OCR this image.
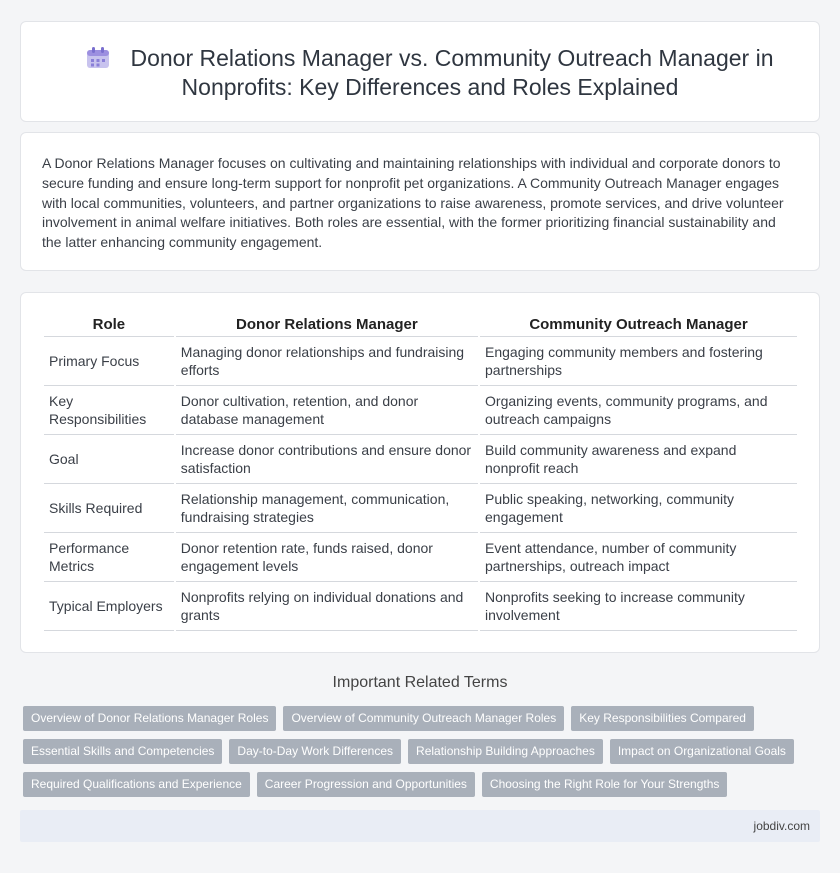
Donor Relations Manager vs. Community Outreach Manager in Nonprofits: Key Differences and Roles Explained

A Donor Relations Manager focuses on cultivating and maintaining relationships with individual and corporate donors to secure funding and ensure long-term support for nonprofit pet organizations. A Community Outreach Manager engages with local communities, volunteers, and partner organizations to raise awareness, promote services, and drive volunteer involvement in animal welfare initiatives. Both roles are essential, with the former prioritizing financial sustainability and the latter enhancing community engagement.

Role	Donor Relations Manager	Community Outreach Manager
Primary Focus	Managing donor relationships and fundraising efforts	Engaging community members and fostering partnerships
Key Responsibilities	Donor cultivation, retention, and donor database management	Organizing events, community programs, and outreach campaigns
Goal	Increase donor contributions and ensure donor satisfaction	Build community awareness and expand nonprofit reach
Skills Required	Relationship management, communication, fundraising strategies	Public speaking, networking, community engagement
Performance Metrics	Donor retention rate, funds raised, donor engagement levels	Event attendance, number of community partnerships, outreach impact
Typical Employers	Nonprofits relying on individual donations and grants	Nonprofits seeking to increase community involvement
Important Related Terms
Overview of Donor Relations Manager Roles	Overview of Community Outreach Manager Roles	Key Responsibilities Compared
Essential Skills and Competencies	Day-to-Day Work Differences	Relationship Building Approaches	Impact on Organizational Goals
Required Qualifications and Experience	Career Progression and Opportunities	Choosing the Right Role for Your Strengths
jobdiv.com
